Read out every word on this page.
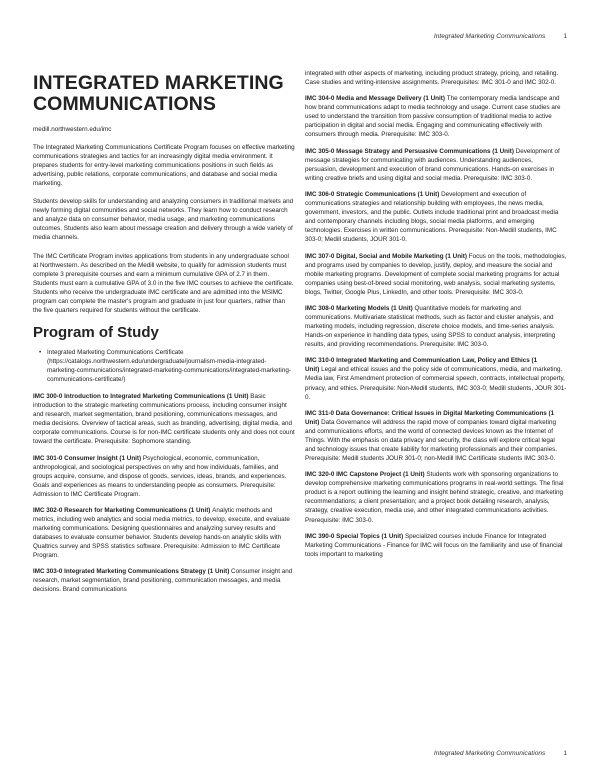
Integrated Marketing Communications	1
INTEGRATED MARKETING COMMUNICATIONS
medill.northwestern.edu/imc

The Integrated Marketing Communications Certificate Program focuses on effective marketing communications strategies and tactics for an increasingly digital media environment. It prepares students for entry-level marketing communications positions in such fields as advertising, public relations, corporate communications, and database and social media marketing.

Students develop skills for understanding and analyzing consumers in traditional markets and newly forming digital communities and social networks. They learn how to conduct research and analyze data on consumer behavior, media usage, and marketing communications outcomes. Students also learn about message creation and delivery through a wide variety of media channels.

The IMC Certificate Program invites applications from students in any undergraduate school at Northwestern. As described on the Medill website, to qualify for admission students must complete 3 prerequisite courses and earn a minimum cumulative GPA of 2.7 in them. Students must earn a cumulative GPA of 3.0 in the five IMC courses to achieve the certificate. Students who receive the undergraduate IMC certificate and are admitted into the MSIMC program can complete the master's program and graduate in just four quarters, rather than the five quarters required for students without the certificate.

Program of Study
• Integrated Marketing Communications Certificate (https://catalogs.northwestern.edu/undergraduate/journalism-media-integrated-marketing-communications/integrated-marketing-communications/integrated-marketing-communications-certificate/)
IMC 300-0 Introduction to Integrated Marketing Communications (1 Unit) Basic introduction to the strategic marketing communications process, including consumer insight and research, market segmentation, brand positioning, communications messages, and media decisions. Overview of tactical areas, such as branding, advertising, digital media, and corporate communications. Course is for non-IMC certificate students only and does not count toward the certificate. Prerequisite: Sophomore standing.
IMC 301-0 Consumer Insight (1 Unit) Psychological, economic, communication, anthropological, and sociological perspectives on why and how individuals, families, and groups acquire, consume, and dispose of goods, services, ideas, brands, and experiences. Goals and experiences as means to understanding people as consumers. Prerequisite: Admission to IMC Certificate Program.
IMC 302-0 Research for Marketing Communications (1 Unit) Analytic methods and metrics, including web analytics and social media metrics, to develop, execute, and evaluate marketing communications. Designing questionnaires and analyzing survey results and databases to evaluate consumer behavior. Students develop hands-on analytic skills with Qualtrics survey and SPSS statistics software. Prerequisite: Admission to IMC Certificate Program.
IMC 303-0 Integrated Marketing Communications Strategy (1 Unit) Consumer insight and research, market segmentation, brand positioning, communication messages, and media decisions. Brand communications

integrated with other aspects of marketing, including product strategy, pricing, and retailing. Case studies and writing-intensive assignments. Prerequisites: IMC 301-0 and IMC 302-0.

IMC 304-0 Media and Message Delivery (1 Unit) The contemporary media landscape and how brand communications adapt to media technology and usage. Current case studies are used to understand the transition from passive consumption of traditional media to active participation in digital and social media. Engaging and communicating effectively with consumers through media. Prerequisite: IMC 303-0.
IMC 305-0 Message Strategy and Persuasive Communications (1 Unit) Development of message strategies for communicating with audiences. Understanding audiences, persuasion, development and execution of brand communications. Hands-on exercises in writing creative briefs and using digital and social media. Prerequisite: IMC 303-0.
IMC 306-0 Strategic Communications (1 Unit) Development and execution of communications strategies and relationship building with employees, the news media, government, investors, and the public. Outlets include traditional print and broadcast media and contemporary channels including blogs, social media platforms, and emerging technologies. Exercises in written communications. Prerequisite: Non-Medill students, IMC 303-0; Medill students, JOUR 301-0.
IMC 307-0 Digital, Social and Mobile Marketing (1 Unit) Focus on the tools, methodologies, and programs used by companies to develop, justify, deploy, and measure the social and mobile marketing programs. Development of complete social marketing programs for actual companies using best-of-breed social monitoring, web analysis, social marketing systems, blogs, Twitter, Google Plus, LinkedIn, and other tools. Prerequisite: IMC 303-0.
IMC 308-0 Marketing Models (1 Unit) Quantitative models for marketing and communications. Multivariate statistical methods, such as factor and cluster analysis, and marketing models, including regression, discrete choice models, and time-series analysis. Hands-on experience in handling data types, using SPSS to conduct analysis, interpreting results, and providing recommendations. Prerequisite: IMC 303-0.
IMC 310-0 Integrated Marketing and Communication Law, Policy and Ethics (1 Unit) Legal and ethical issues and the policy side of communications, media, and marketing. Media law, First Amendment protection of commercial speech, contracts, intellectual property, privacy, and ethics. Prerequisite: Non-Medill students, IMC 303-0; Medill students, JOUR 301-0.
IMC 311-0 Data Governance: Critical Issues in Digital Marketing Communications (1 Unit) Data Governance will address the rapid move of companies toward digital marketing and communications efforts, and the world of connected devices known as the Internet of Things. With the emphasis on data privacy and security, the class will explore critical legal and technology issues that create liability for marketing professionals and their companies. Prerequisite: Medill students JOUR 301-0; non-Medill IMC Certificate students IMC 303-0.
IMC 320-0 IMC Capstone Project (1 Unit) Students work with sponsoring organizations to develop comprehensive marketing communications programs in real-world settings. The final product is a report outlining the learning and insight behind strategic, creative, and marketing recommendations; a client presentation; and a project book detailing research, analysis, strategy, creative execution, media use, and other integrated communications activities. Prerequisite: IMC 303-0.
IMC 390-0 Special Topics (1 Unit) Specialized courses include Finance for Integrated Marketing Communications - Finance for IMC will focus on the familiarity and use of financial tools important to marketing
Integrated Marketing Communications	1
